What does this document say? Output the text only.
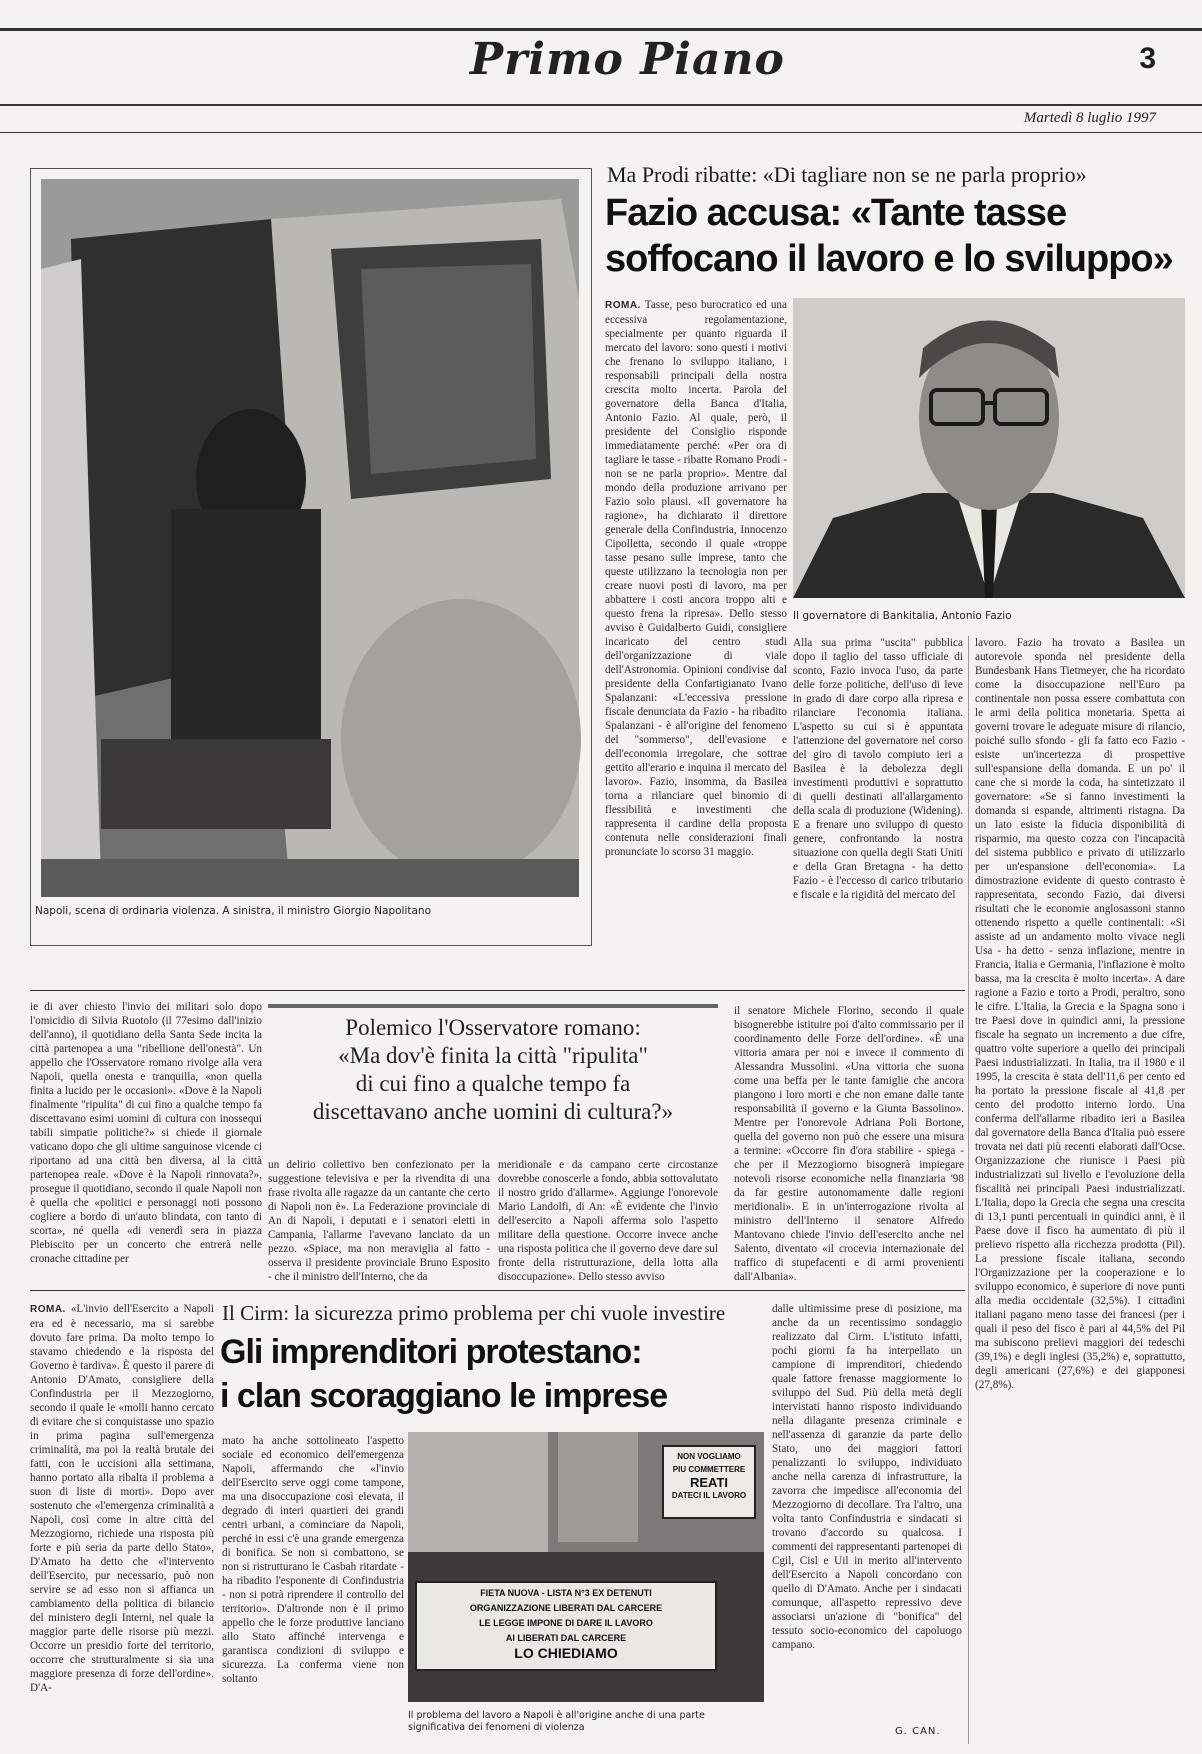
Primo Piano	3
Martedì 8 luglio 1997
Napoli, scena di ordinaria violenza. A sinistra, il ministro Giorgio Napolitano
Ma Prodi ribatte: «Di tagliare non se ne parla proprio»
Fazio accusa: «Tante tasse
soffocano il lavoro e lo sviluppo»

ROMA. Tasse, peso burocratico ed una eccessiva regolamentazione, specialmente per quanto riguarda il mercato del lavoro: sono questi i motivi che frenano lo sviluppo italiano, i responsabili principali della nostra crescita molto incerta. Parola del governatore della Banca d'Italia, Antonio Fazio. Al quale, però, il presidente del Consiglio risponde immediatamente perché: «Per ora di tagliare le tasse - ribatte Romano Prodi - non se ne parla proprio». Mentre dal mondo della produzione arrivano per Fazio solo plausi. «Il governatore ha ragione», ha dichiarato il direttore generale della Confindustria, Innocenzo Cipolletta, secondo il quale «troppe tasse pesano sulle imprese, tanto che queste utilizzano la tecnologia non per creare nuovi posti di lavoro, ma per abbattere i costi ancora troppo alti e questo frena la ripresa». Dello stesso avviso è Guidalberto Guidi, consigliere incaricato del centro studi dell'organizzazione di viale dell'Astronomia. Opinioni condivise dal presidente della Confartigianato Ivano Spalanzani: «L'eccessiva pressione fiscale denunciata da Fazio - ha ribadito Spalanzani - è all'origine del fenomeno del "sommerso", dell'evasione e dell'economia irregolare, che sottrae gettito all'erario e inquina il mercato del lavoro». Fazio, insomma, da Basilea torna a rilanciare quel binomio di flessibilità e investimenti che rappresenta il cardine della proposta contenuta nelle considerazioni finali pronunciate lo scorso 31 maggio.

Il governatore di Bankitalia, Antonio Fazio
Alla sua prima "uscita" pubblica dopo il taglio del tasso ufficiale di sconto, Fazio invoca l'uso, da parte delle forze politiche, dell'uso di leve in grado di dare corpo alla ripresa e rilanciare l'economia italiana. L'aspetto su cui si è appuntata l'attenzione del governatore nel corso del giro di tavolo compiuto ieri a Basilea è la debolezza degli investimenti produttivi e soprattutto di quelli destinati all'allargamento della scala di produzione (Widening). E a frenare uno sviluppo di questo genere, confrontando la nostra situazione con quella degli Stati Uniti e della Gran Bretagna - ha detto Fazio - è l'eccesso di carico tributario e fiscale e la rigidità del mercato del
lavoro. Fazio ha trovato a Basilea un autorevole sponda nel presidente della Bundesbank Hans Tietmeyer, che ha ricordato come la disoccupazione nell'Euro pa continentale non possa essere combattuta con le armi della politica monetaria. Spetta ai governi trovare le adeguate misure di rilancio, poiché sullo sfondo - gli fa fatto eco Fazio - esiste un'incertezza di prospettive sull'espansione della domanda. E un po' il cane che si morde la coda, ha sintetizzato il governatore: «Se si fanno investimenti la domanda si espande, altrimenti ristagna. Da un lato esiste la fiducia disponibilità di risparmio, ma questo cozza con l'incapacità del sistema pubblico e privato di utilizzarlo per un'espansione dell'economia». La dimostrazione evidente di questo contrasto è rappresentata, secondo Fazio, dai diversi risultati che le economie anglosassoni stanno ottenendo rispetto a quelle continentali: «Si assiste ad un andamento molto vivace negli Usa - ha detto - senza inflazione, mentre in Francia, Italia e Germania, l'inflazione è molto bassa, ma la crescita è molto incerta». A dare ragione a Fazio e torto a Prodi, peraltro, sono le cifre. L'Italia, la Grecia e la Spagna sono i tre Paesi dove in quindici anni, la pressione fiscale ha segnato un incremento a due cifre, quattro volte superiore a quello dei principali Paesi industrializzati. In Italia, tra il 1980 e il 1995, la crescita è stata dell'11,6 per cento ed ha portato la pressione fiscale al 41,8 per cento del prodotto interno lordo. Una conferma dell'allarme ribadito ieri a Basilea dal governatore della Banca d'Italia può essere trovata nei dati più recenti elaborati dall'Ocse. Organizzazione che riunisce i Paesi più industrializzati sul livello e l'evoluzione della fiscalità nei principali Paesi industrializzati. L'Italia, dopo la Grecia che segna una crescita di 13,1 punti percentuali in quindici anni, è il Paese dove il fisco ha aumentato di più il prelievo rispetto alla ricchezza prodotta (Pil). La pressione fiscale italiana, secondo l'Organizzazione per la cooperazione e lo sviluppo economico, è superiore di nove punti alla media occidentale (32,5%). I cittadini italiani pagano meno tasse dei francesi (per i quali il peso del fisco è pari al 44,5% del Pil ma subiscono prelievi maggiori dei tedeschi (39,1%) e degli inglesi (35,2%) e, soprattutto, degli americani (27,6%) e dei giapponesi (27,8%).
ie di aver chiesto l'invio dei militari solo dopo l'omicidio di Silvia Ruotolo (il 77esimo dall'inizio dell'anno), il quotidiano della Santa Sede incita la città partenopea a una "ribellione dell'onestà". Un appello che l'Osservatore romano rivolge alla vera Napoli, quella onesta e tranquilla, «non quella finita a lucido per le occasioni». «Dove è la Napoli finalmente "ripulita" di cui fino a qualche tempo fa discettavano esimi uomini di cultura con inossequi tabili simpatie politiche?» si chiede il giornale vaticano dopo che gli ultime sanguinose vicende ci riportano ad una città ben diversa, al la città partenopea reale. «Dove è la Napoli rinnovata?», prosegue il quotidiano, secondo il quale Napoli non è quella che «politici e personaggi noti possono cogliere a bordo di un'auto blindata, con tanto di scorta», né quella «di venerdì sera in piazza Plebiscito per un concerto che entrerà nelle cronache cittadine per
Polemico l'Osservatore romano:
«Ma dov'è finita la città "ripulita"
di cui fino a qualche tempo fa
discettavano anche uomini di cultura?»
un delirio collettivo ben confezionato per la suggestione televisiva e per la rivendita di una frase rivolta alle ragazze da un cantante che certo di Napoli non è». La Federazione provinciale di An di Napoli, i deputati e i senatori eletti in Campania, l'allarme l'avevano lanciato da un pezzo. «Spiace, ma non meraviglia al fatto - osserva il presidente provinciale Bruno Esposito - che il ministro dell'Interno, che da
meridionale e da campano certe circostanze dovrebbe conoscerle a fondo, abbia sottovalutato il nostro grido d'allarme». Aggiunge l'onorevole Mario Landolfi, di An: «È evidente che l'invio dell'esercito a Napoli afferma solo l'aspetto militare della questione. Occorre invece anche una risposta politica che il governo deve dare sul fronte della ristrutturazione, della lotta alla disoccupazione». Dello stesso avviso
il senatore Michele Florino, secondo il quale bisognerebbe istituire poi d'alto commissario per il coordinamento delle Forze dell'ordine». «È una vittoria amara per noi e invece il commento di Alessandra Mussolini. «Una vittoria che suona come una beffa per le tante famiglie che ancora piangono i loro morti e che non emane dalle tante responsabilità il governo e la Giunta Bassolino». Mentre per l'onorevole Adriana Poli Bortone, quella del governo non può che essere una misura a termine: «Occorre fin d'ora stabilire - spiega - che per il Mezzogiorno bisognerà impiegare notevoli risorse economiche nella finanziaria '98 da far gestire autonomamente dalle regioni meridionali». E in un'interrogazione rivolta al ministro dell'Interno il senatore Alfredo Mantovano chiede l'invio dell'esercito anche nel Salento, diventato «il crocevia internazionale del traffico di stupefacenti e di armi provenienti dall'Albania».

ROMA. «L'invio dell'Esercito a Napoli era ed è necessario, ma si sarebbe dovuto fare prima. Da molto tempo lo stavamo chiedendo e la risposta del Governo è tardiva». È questo il parere di Antonio D'Amato, consigliere della Confindustria per il Mezzogiorno, secondo il quale le «molli hanno cercato di evitare che si conquistasse uno spazio in prima pagina sull'emergenza criminalità, ma poi la realtà brutale dei fatti, con le uccisioni alla settimana, hanno portato alla ribalta il problema a suon di liste di morti». Dopo aver sostenuto che «l'emergenza criminalità a Napoli, così come in altre città del Mezzogiorno, richiede una risposta più forte e più seria da parte dello Stato», D'Amato ha detto che «l'intervento dell'Esercito, pur necessario, può non servire se ad esso non si affianca un cambiamento della politica di bilancio del ministero degli Interni, nel quale la maggior parte delle risorse più mezzi. Occorre un presidio forte del territorio, occorre che strutturalmente si sia una maggiore presenza di forze dell'ordine». D'A-

Il Cirm: la sicurezza primo problema per chi vuole investire
Gli imprenditori protestano:
i clan scoraggiano le imprese
mato ha anche sottolineato l'aspetto sociale ed economico dell'emergenza Napoli, affermando che «l'invio dell'Esercito serve oggi come tampone, ma una disoccupazione così elevata, il degrado di interi quartieri dei grandi centri urbani, a cominciare da Napoli, perché in essi c'è una grande emergenza di bonifica. Se non si combattono, se non si ristrutturano le Casbah ritardate - ha ribadito l'esponente di Confindustria - non si potrà riprendere il controllo del territorio». D'altronde non è il primo appello che le forze produttive lanciano allo Stato affinché intervenga e garantisca condizioni di sviluppo e sicurezza. La conferma viene non soltanto
NON VOGLIAMO
PIU COMMETTERE
REATI
DATECI IL LAVORO
FIETA NUOVA - LISTA N°3 EX DETENUTI
ORGANIZZAZIONE LIBERATI DAL CARCERE
LE LEGGE IMPONE DI DARE IL LAVORO
AI LIBERATI DAL CARCERE
LO CHIEDIAMO
Il problema del lavoro a Napoli è all'origine anche di una parte
significativa dei fenomeni di violenza
dalle ultimissime prese di posizione, ma anche da un recentissimo sondaggio realizzato dal Cirm. L'istituto infatti, pochi giorni fa ha interpellato un campione di imprenditori, chiedendo quale fattore frenasse maggiormente lo sviluppo del Sud. Più della metà degli intervistati hanno risposto individuando nella dilagante presenza criminale e nell'assenza di garanzie da parte dello Stato, uno dei maggiori fattori penalizzanti lo sviluppo, individuato anche nella carenza di infrastrutture, la zavorra che impedisce all'economia del Mezzogiorno di decollare. Tra l'altro, una volta tanto Confindustria e sindacati si trovano d'accordo su qualcosa. I commenti dei rappresentanti partenopei di Cgil, Cisl e Uil in merito all'intervento dell'Esercito a Napoli concordano con quello di D'Amato. Anche per i sindacati comunque, all'aspetto repressivo deve associarsi un'azione di "bonifica" del tessuto socio-economico del capoluogo campano.
G. CAN.
